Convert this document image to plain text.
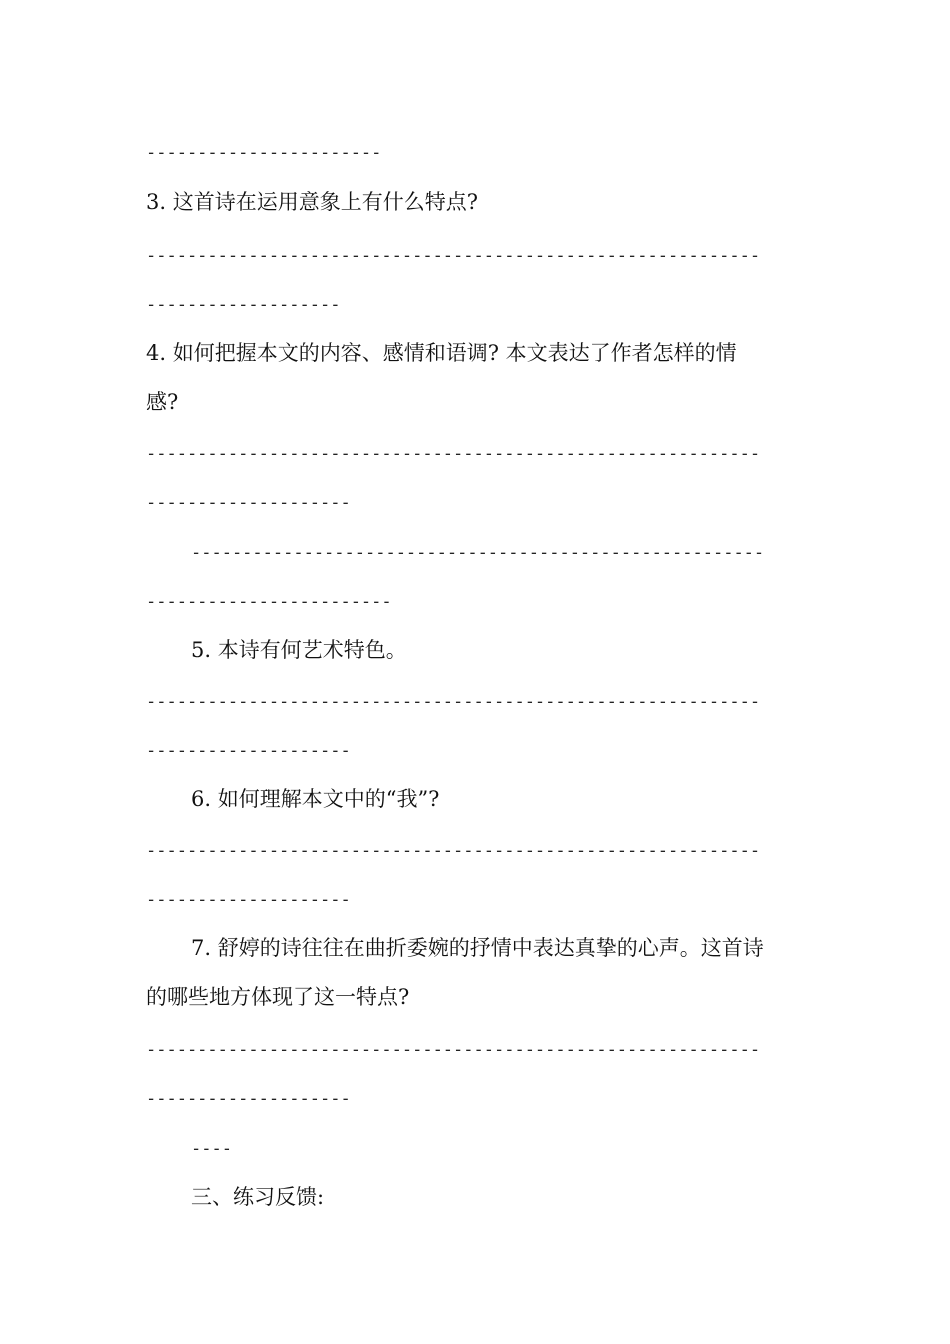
-----------------------
3. 这首诗在运用意象上有什么特点?
------------------------------------------------------------
-------------------
4. 如何把握本文的内容、感情和语调? 本文表达了作者怎样的情
感?
------------------------------------------------------------
--------------------
--------------------------------------------------------
------------------------
5. 本诗有何艺术特色。
------------------------------------------------------------
--------------------
6. 如何理解本文中的“我”?
------------------------------------------------------------
--------------------
7. 舒婷的诗往往在曲折委婉的抒情中表达真挚的心声。这首诗
的哪些地方体现了这一特点?
------------------------------------------------------------
--------------------
----
三、练习反馈:
